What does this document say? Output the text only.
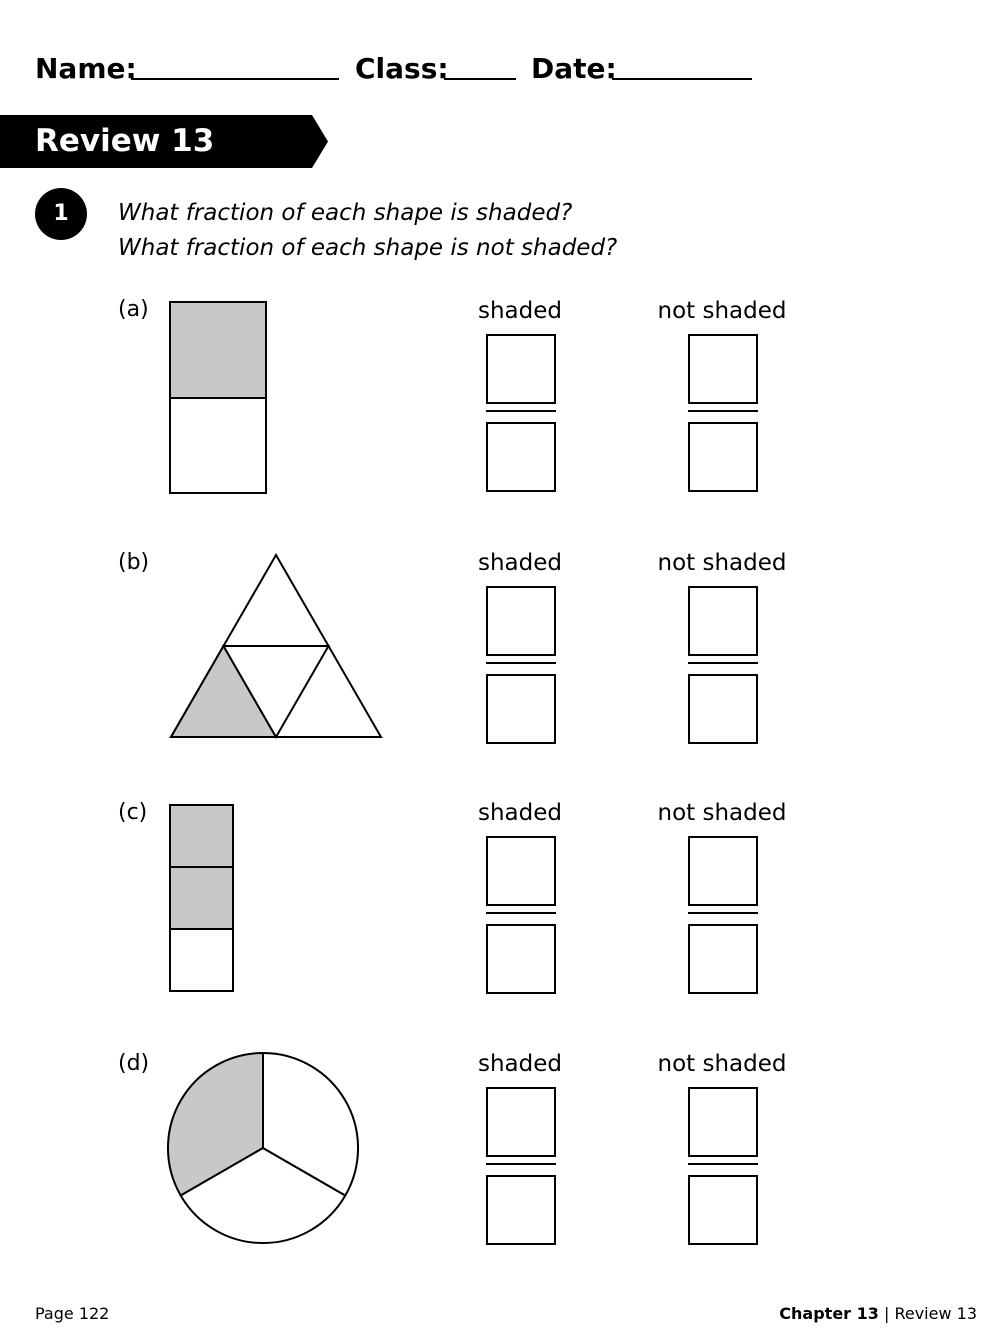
Name:	Class:	Date:
Review 13
1	What fraction of each shape is shaded?
What fraction of each shape is not shaded?
(a)	shaded	not shaded
(b)	shaded	not shaded
(c)	shaded	not shaded
(d)	shaded	not shaded
Page 122	Chapter 13 | Review 13
